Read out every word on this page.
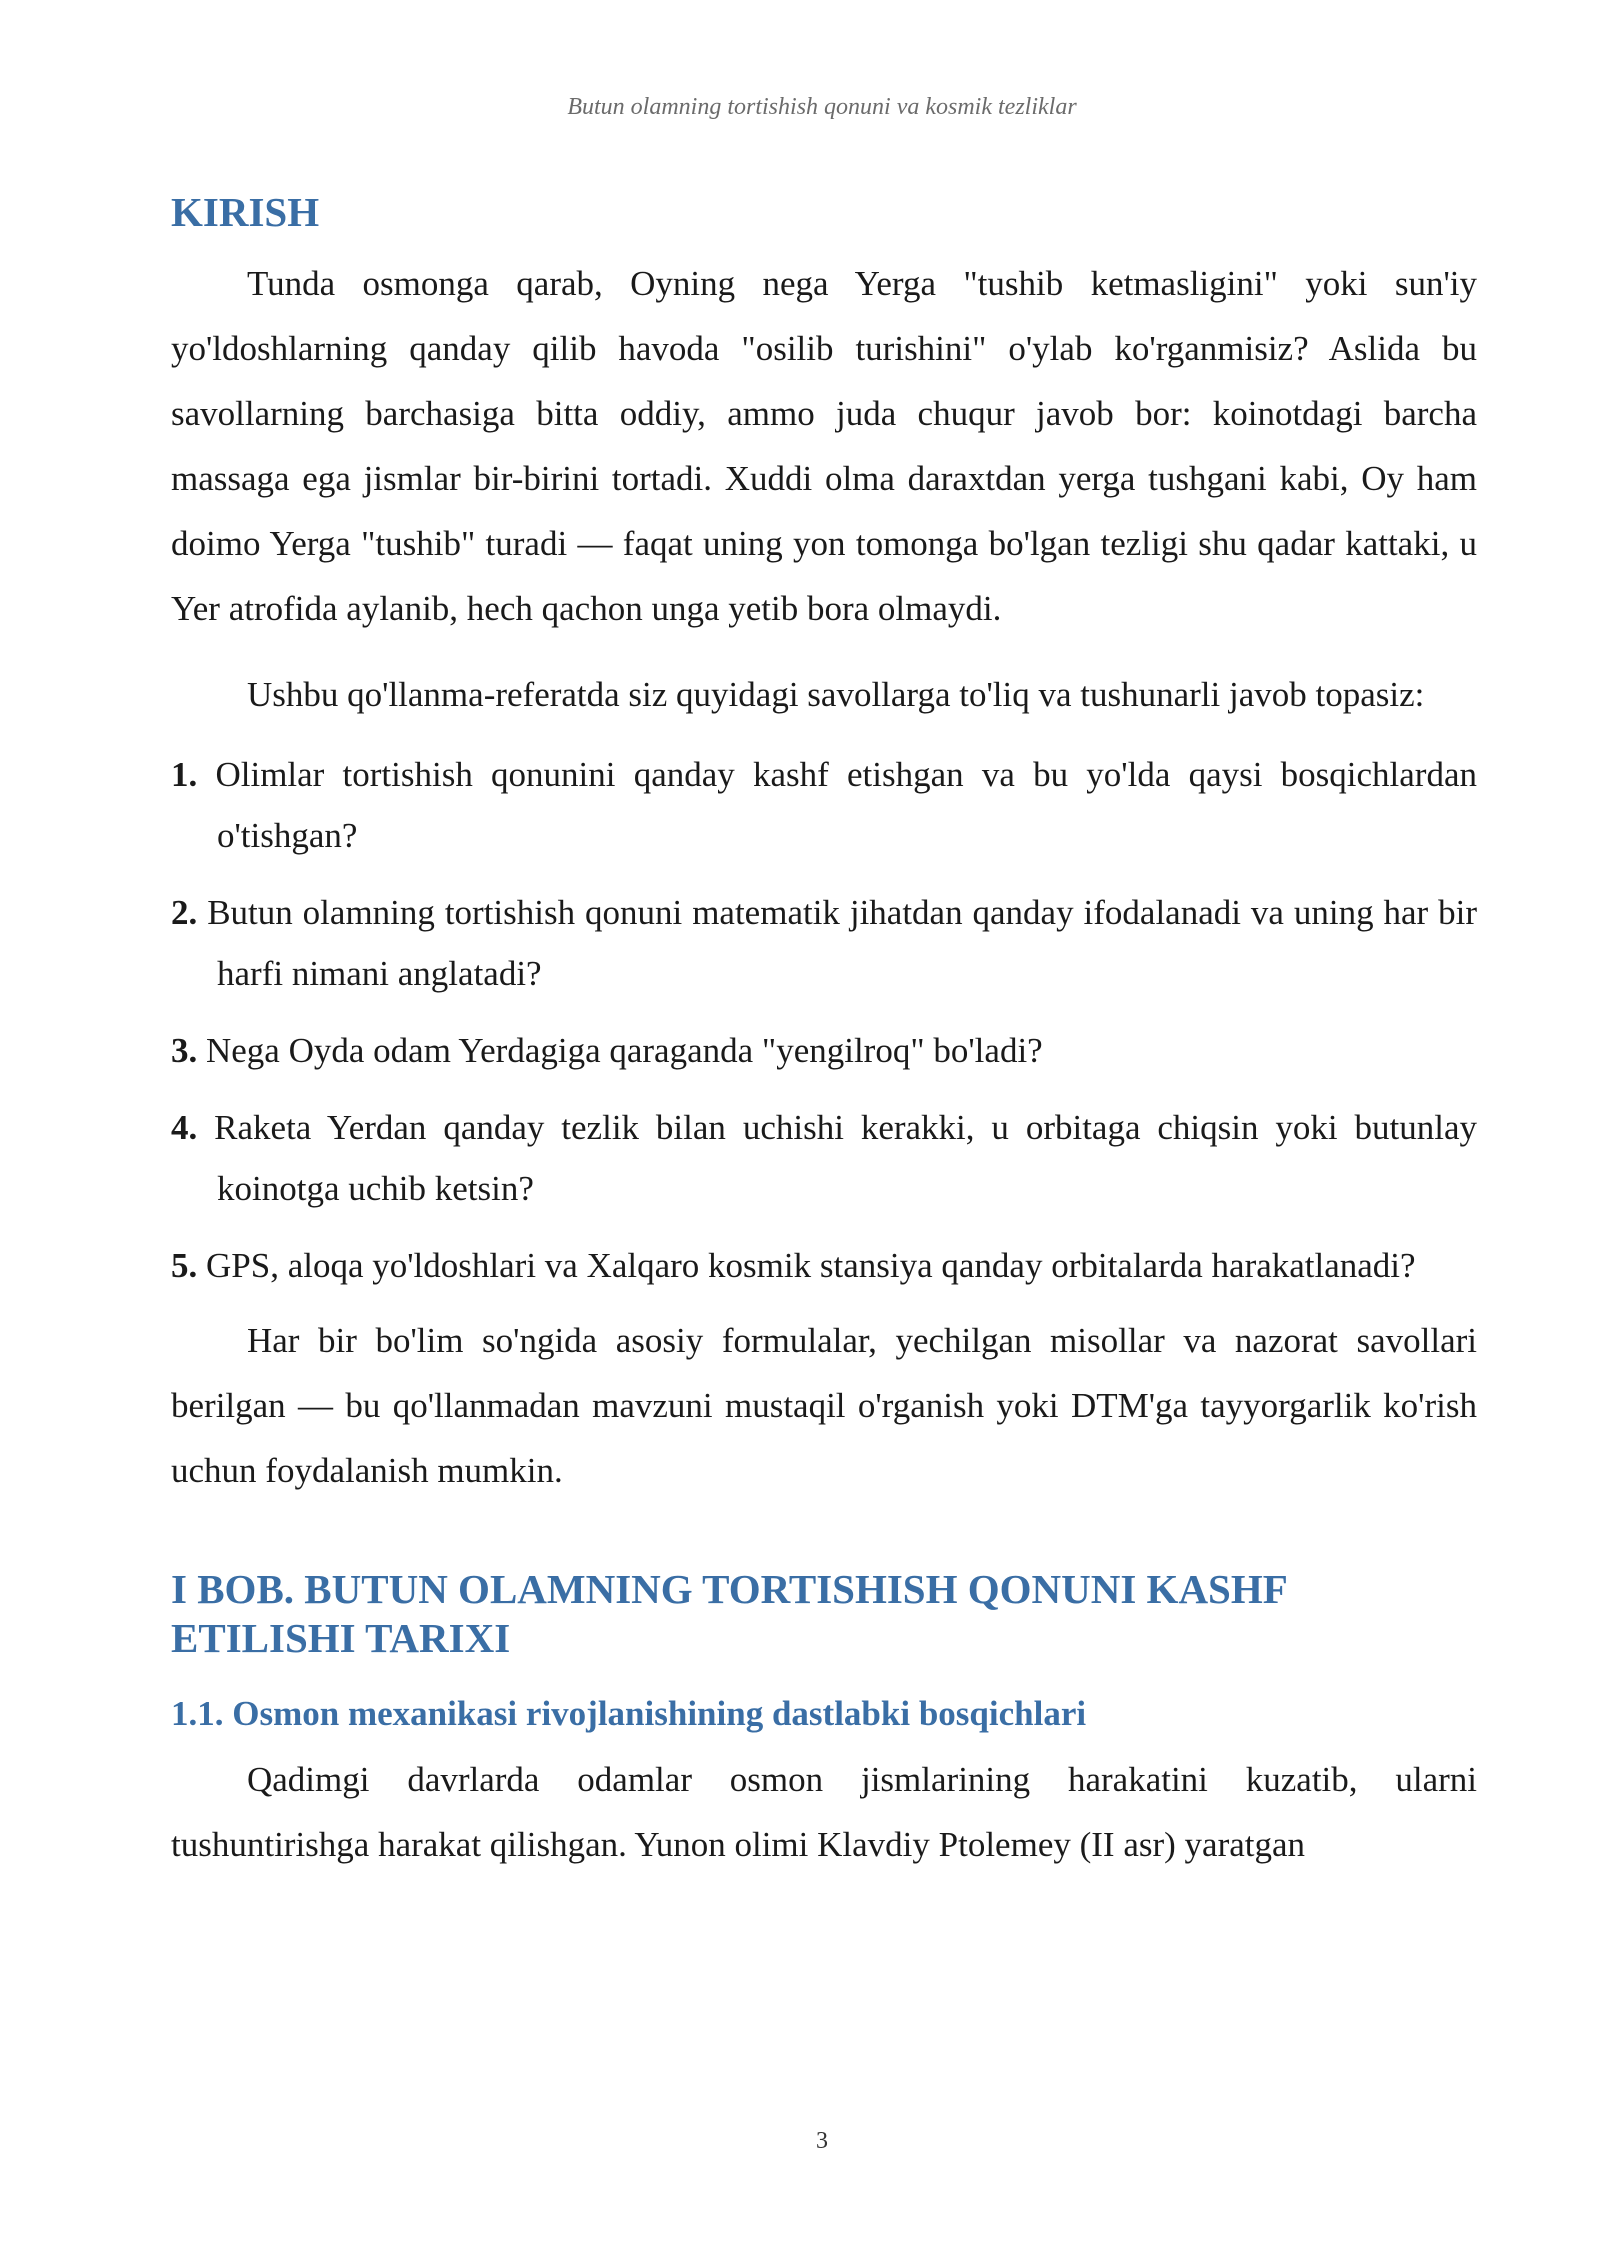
Butun olamning tortishish qonuni va kosmik tezliklar
KIRISH

Tunda osmonga qarab, Oyning nega Yerga "tushib ketmasligini" yoki sun'iy yo'ldoshlarning qanday qilib havoda "osilib turishini" o'ylab ko'rganmisiz? Aslida bu savollarning barchasiga bitta oddiy, ammo juda chuqur javob bor: koinotdagi barcha massaga ega jismlar bir-birini tortadi. Xuddi olma daraxtdan yerga tushgani kabi, Oy ham doimo Yerga "tushib" turadi — faqat uning yon tomonga bo'lgan tezligi shu qadar kattaki, u Yer atrofida aylanib, hech qachon unga yetib bora olmaydi.

Ushbu qo'llanma-referatda siz quyidagi savollarga to'liq va tushunarli javob topasiz:

1. Olimlar tortishish qonunini qanday kashf etishgan va bu yo'lda qaysi bosqichlardan o'tishgan?
2. Butun olamning tortishish qonuni matematik jihatdan qanday ifodalanadi va uning har bir harfi nimani anglatadi?
3. Nega Oyda odam Yerdagiga qaraganda "yengilroq" bo'ladi?
4. Raketa Yerdan qanday tezlik bilan uchishi kerakki, u orbitaga chiqsin yoki butunlay koinotga uchib ketsin?
5. GPS, aloqa yo'ldoshlari va Xalqaro kosmik stansiya qanday orbitalarda harakatlanadi?

Har bir bo'lim so'ngida asosiy formulalar, yechilgan misollar va nazorat savollari berilgan — bu qo'llanmadan mavzuni mustaqil o'rganish yoki DTM'ga tayyorgarlik ko'rish uchun foydalanish mumkin.

I BOB. BUTUN OLAMNING TORTISHISH QONUNI KASHF ETILISHI TARIXI
1.1. Osmon mexanikasi rivojlanishining dastlabki bosqichlari

Qadimgi davrlarda odamlar osmon jismlarining harakatini kuzatib, ularni tushuntirishga harakat qilishgan. Yunon olimi Klavdiy Ptolemey (II asr) yaratgan

3
